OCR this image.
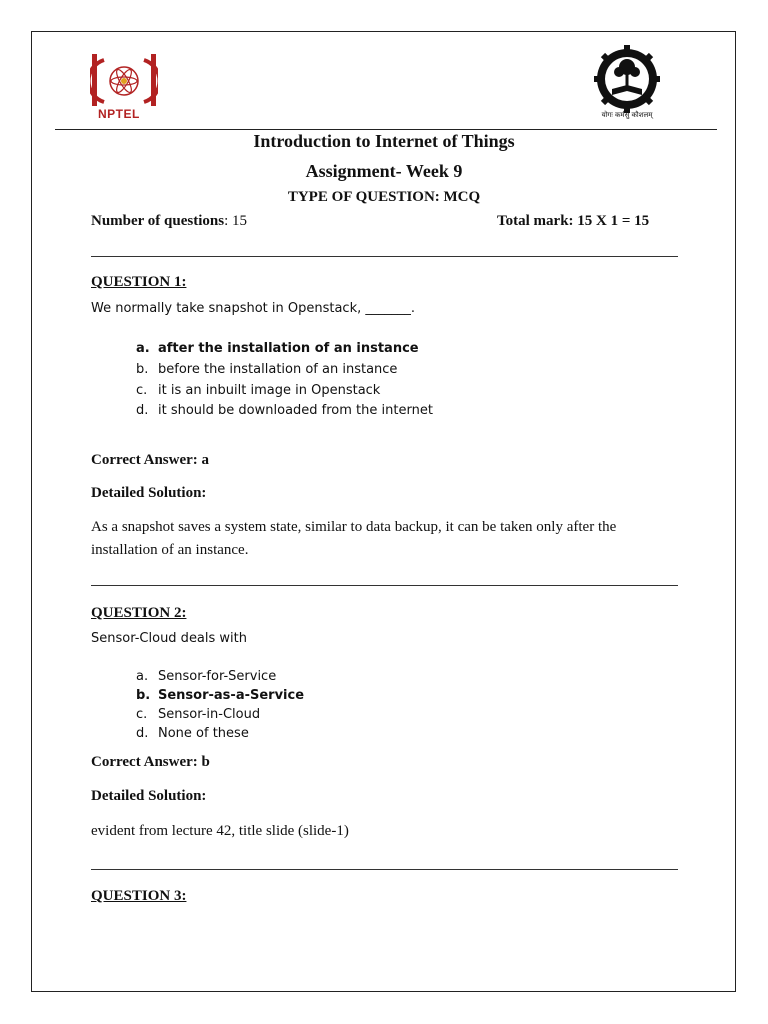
NPTEL	योगः कर्मसु कौशलम्
Introduction to Internet of Things
Assignment- Week 9
TYPE OF QUESTION: MCQ
Number of questions: 15	Total mark: 15 X 1 = 15
QUESTION 1:
We normally take snapshot in Openstack, _______.
a. after the installation of an instance
b. before the installation of an instance
c. it is an inbuilt image in Openstack
d. it should be downloaded from the internet
Correct Answer: a
Detailed Solution:
As a snapshot saves a system state, similar to data backup, it can be taken only after the installation of an instance.
QUESTION 2:
Sensor-Cloud deals with
a. Sensor-for-Service
b. Sensor-as-a-Service
c. Sensor-in-Cloud
d. None of these
Correct Answer: b
Detailed Solution:
evident from lecture 42, title slide (slide-1)
QUESTION 3:
